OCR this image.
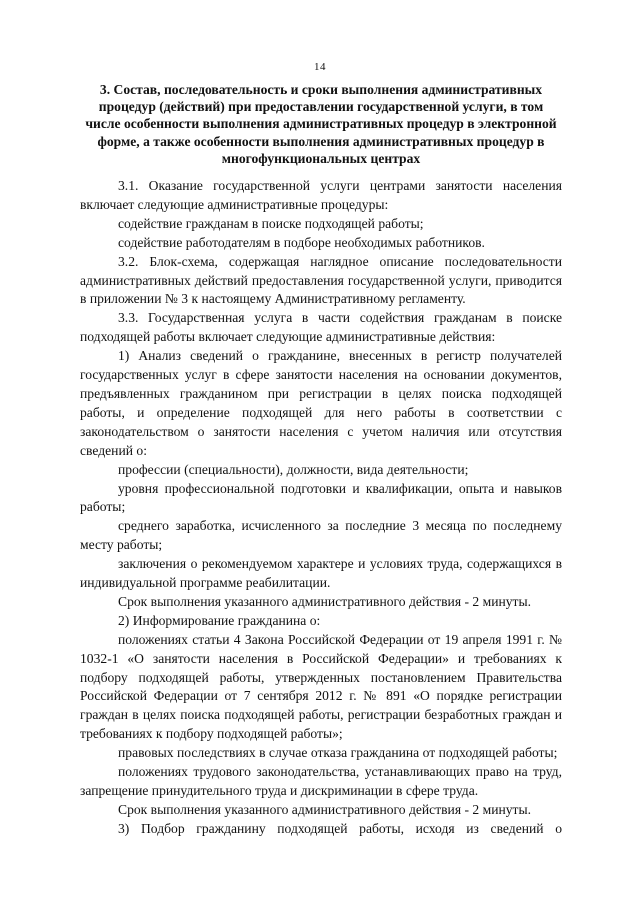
14
3. Состав, последовательность и сроки выполнения административных процедур (действий) при предоставлении государственной услуги, в том числе особенности выполнения административных процедур в электронной форме, а также особенности выполнения административных процедур в многофункциональных центрах

3.1. Оказание государственной услуги центрами занятости населения включает следующие административные процедуры:

содействие гражданам в поиске подходящей работы;

содействие работодателям в подборе необходимых работников.

3.2. Блок-схема, содержащая наглядное описание последовательности административных действий предоставления государственной услуги, приводится в приложении № 3 к настоящему Административному регламенту.

3.3. Государственная услуга в части содействия гражданам в поиске подходящей работы включает следующие административные действия:

1) Анализ сведений о гражданине, внесенных в регистр получателей государственных услуг в сфере занятости населения на основании документов, предъявленных гражданином при регистрации в целях поиска подходящей работы, и определение подходящей для него работы в соответствии с законодательством о занятости населения с учетом наличия или отсутствия сведений о:

профессии (специальности), должности, вида деятельности;

уровня профессиональной подготовки и квалификации, опыта и навыков работы;

среднего заработка, исчисленного за последние 3 месяца по последнему месту работы;

заключения о рекомендуемом характере и условиях труда, содержащихся в индивидуальной программе реабилитации.

Срок выполнения указанного административного действия - 2 минуты.

2) Информирование гражданина о:

положениях статьи 4 Закона Российской Федерации от 19 апреля 1991 г. № 1032-1 «О занятости населения в Российской Федерации» и требованиях к подбору подходящей работы, утвержденных постановлением Правительства Российской Федерации от 7 сентября 2012 г. № 891 «О порядке регистрации граждан в целях поиска подходящей работы, регистрации безработных граждан и требованиях к подбору подходящей работы»;

правовых последствиях в случае отказа гражданина от подходящей работы;

положениях трудового законодательства, устанавливающих право на труд, запрещение принудительного труда и дискриминации в сфере труда.

Срок выполнения указанного административного действия - 2 минуты.

3) Подбор гражданину подходящей работы, исходя из сведений о
